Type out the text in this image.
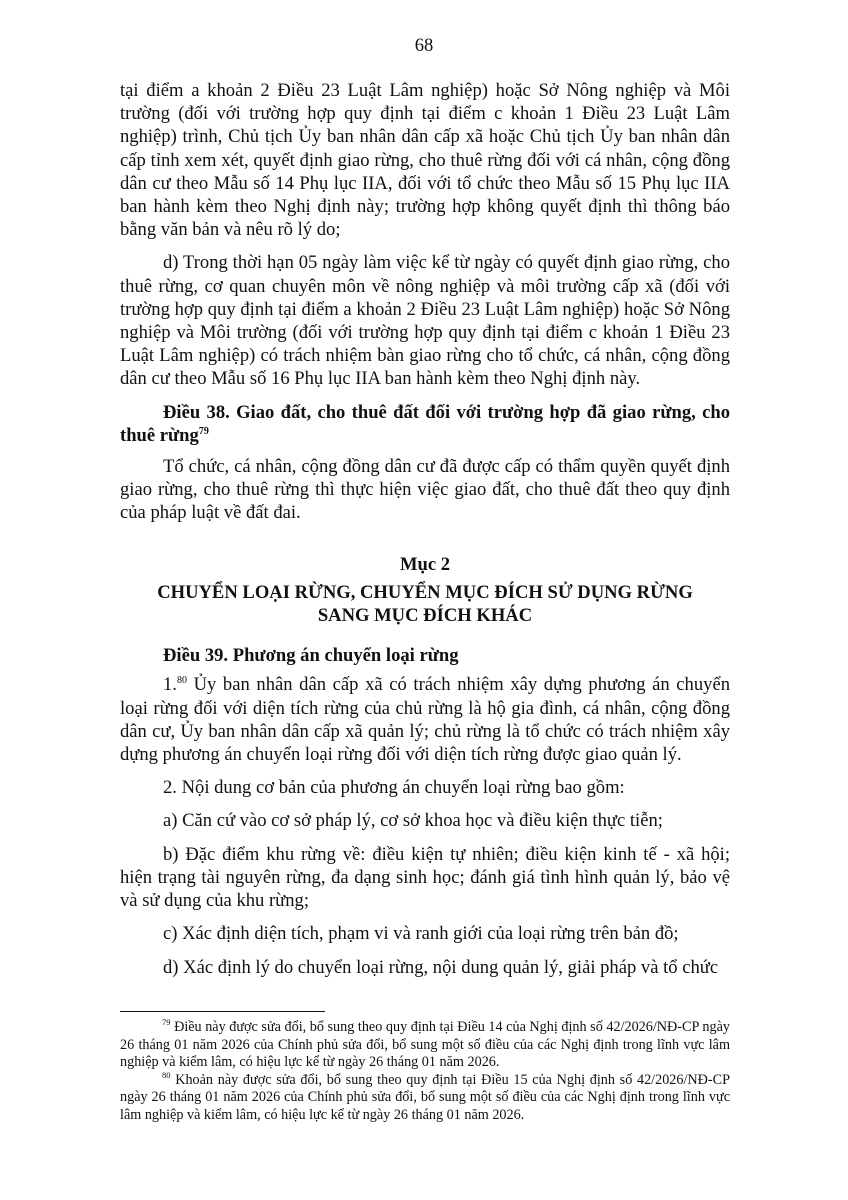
68

tại điểm a khoản 2 Điều 23 Luật Lâm nghiệp) hoặc Sở Nông nghiệp và Môi trường (đối với trường hợp quy định tại điểm c khoản 1 Điều 23 Luật Lâm nghiệp) trình, Chủ tịch Ủy ban nhân dân cấp xã hoặc Chủ tịch Ủy ban nhân dân cấp tỉnh xem xét, quyết định giao rừng, cho thuê rừng đối với cá nhân, cộng đồng dân cư theo Mẫu số 14 Phụ lục IIA, đối với tổ chức theo Mẫu số 15 Phụ lục IIA ban hành kèm theo Nghị định này; trường hợp không quyết định thì thông báo bằng văn bản và nêu rõ lý do;

d) Trong thời hạn 05 ngày làm việc kể từ ngày có quyết định giao rừng, cho thuê rừng, cơ quan chuyên môn về nông nghiệp và môi trường cấp xã (đối với trường hợp quy định tại điểm a khoản 2 Điều 23 Luật Lâm nghiệp) hoặc Sở Nông nghiệp và Môi trường (đối với trường hợp quy định tại điểm c khoản 1 Điều 23 Luật Lâm nghiệp) có trách nhiệm bàn giao rừng cho tổ chức, cá nhân, cộng đồng dân cư theo Mẫu số 16 Phụ lục IIA ban hành kèm theo Nghị định này.

Điều 38. Giao đất, cho thuê đất đối với trường hợp đã giao rừng, cho thuê rừng$^{79}$

Tổ chức, cá nhân, cộng đồng dân cư đã được cấp có thẩm quyền quyết định giao rừng, cho thuê rừng thì thực hiện việc giao đất, cho thuê đất theo quy định của pháp luật về đất đai.

Mục 2

CHUYỂN LOẠI RỪNG, CHUYỂN MỤC ĐÍCH SỬ DỤNG RỪNG

SANG MỤC ĐÍCH KHÁC

Điều 39. Phương án chuyển loại rừng

1.80 Ủy ban nhân dân cấp xã có trách nhiệm xây dựng phương án chuyển loại rừng đối với diện tích rừng của chủ rừng là hộ gia đình, cá nhân, cộng đồng dân cư, Ủy ban nhân dân cấp xã quản lý; chủ rừng là tổ chức có trách nhiệm xây dựng phương án chuyển loại rừng đối với diện tích rừng được giao quản lý.

2. Nội dung cơ bản của phương án chuyển loại rừng bao gồm:

a) Căn cứ vào cơ sở pháp lý, cơ sở khoa học và điều kiện thực tiễn;

b) Đặc điểm khu rừng về: điều kiện tự nhiên; điều kiện kinh tế - xã hội; hiện trạng tài nguyên rừng, đa dạng sinh học; đánh giá tình hình quản lý, bảo vệ và sử dụng của khu rừng;

c) Xác định diện tích, phạm vi và ranh giới của loại rừng trên bản đồ;

d) Xác định lý do chuyển loại rừng, nội dung quản lý, giải pháp và tổ chức

$^{79}$ Điều này được sửa đổi, bổ sung theo quy định tại Điều 14 của Nghị định số 42/2026/NĐ-CP ngày 26 tháng 01 năm 2026 của Chính phủ sửa đổi, bổ sung một số điều của các Nghị định trong lĩnh vực lâm nghiệp và kiểm lâm, có hiệu lực kể từ ngày 26 tháng 01 năm 2026.

$^{80}$ Khoản này được sửa đổi, bổ sung theo quy định tại Điều 15 của Nghị định số 42/2026/NĐ-CP ngày 26 tháng 01 năm 2026 của Chính phủ sửa đổi, bổ sung một số điều của các Nghị định trong lĩnh vực lâm nghiệp và kiểm lâm, có hiệu lực kể từ ngày 26 tháng 01 năm 2026.
